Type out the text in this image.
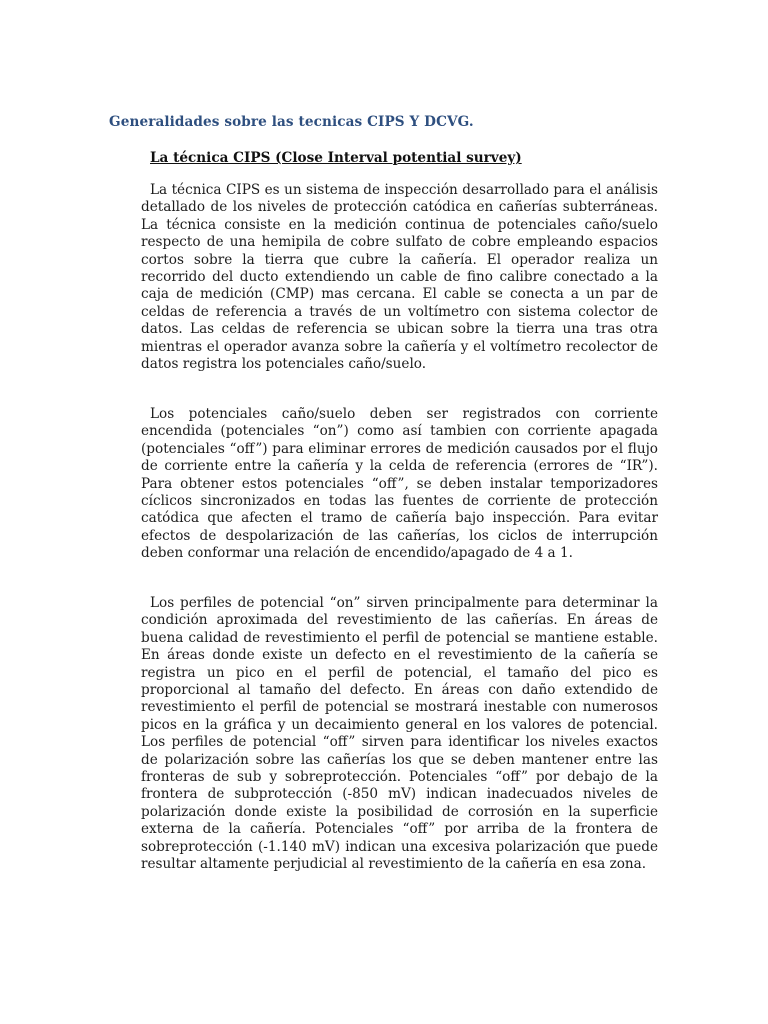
Generalidades sobre las tecnicas CIPS Y DCVG.
La técnica CIPS (Close Interval potential survey)

La técnica CIPS es un sistema de inspección desarrollado para el análisis detallado de los niveles de protección catódica en cañerías subterráneas. La técnica consiste en la medición continua de potenciales caño/suelo respecto de una hemipila de cobre sulfato de cobre empleando espacios cortos sobre la tierra que cubre la cañería. El operador realiza un recorrido del ducto extendiendo un cable de fino calibre conectado a la caja de medición (CMP) mas cercana. El cable se conecta a un par de celdas de referencia a través de un voltímetro con sistema colector de datos. Las celdas de referencia se ubican sobre la tierra una tras otra mientras el operador avanza sobre la cañería y el voltímetro recolector de datos registra los potenciales caño/suelo.

Los potenciales caño/suelo deben ser registrados con corriente encendida (potenciales “on”) como así tambien con corriente apagada (potenciales “off”) para eliminar errores de medición causados por el flujo de corriente entre la cañería y la celda de referencia (errores de “IR”). Para obtener estos potenciales “off”, se deben instalar temporizadores cíclicos sincronizados en todas las fuentes de corriente de protección catódica que afecten el tramo de cañería bajo inspección. Para evitar efectos de despolarización de las cañerías, los ciclos de interrupción deben conformar una relación de encendido/apagado de 4 a 1.

Los perfiles de potencial “on” sirven principalmente para determinar la condición aproximada del revestimiento de las cañerías. En áreas de buena calidad de revestimiento el perfil de potencial se mantiene estable. En áreas donde existe un defecto en el revestimiento de la cañería se registra un pico en el perfil de potencial, el tamaño del pico es proporcional al tamaño del defecto. En áreas con daño extendido de revestimiento el perfil de potencial se mostrará inestable con numerosos picos en la gráfica y un decaimiento general en los valores de potencial. Los perfiles de potencial “off” sirven para identificar los niveles exactos de polarización sobre las cañerías los que se deben mantener entre las fronteras de sub y sobreprotección. Potenciales “off” por debajo de la frontera de subprotección (-850 mV) indican inadecuados niveles de polarización donde existe la posibilidad de corrosión en la superficie externa de la cañería. Potenciales “off” por arriba de la frontera de sobreprotección (-1.140 mV) indican una excesiva polarización que puede resultar altamente perjudicial al revestimiento de la cañería en esa zona.
